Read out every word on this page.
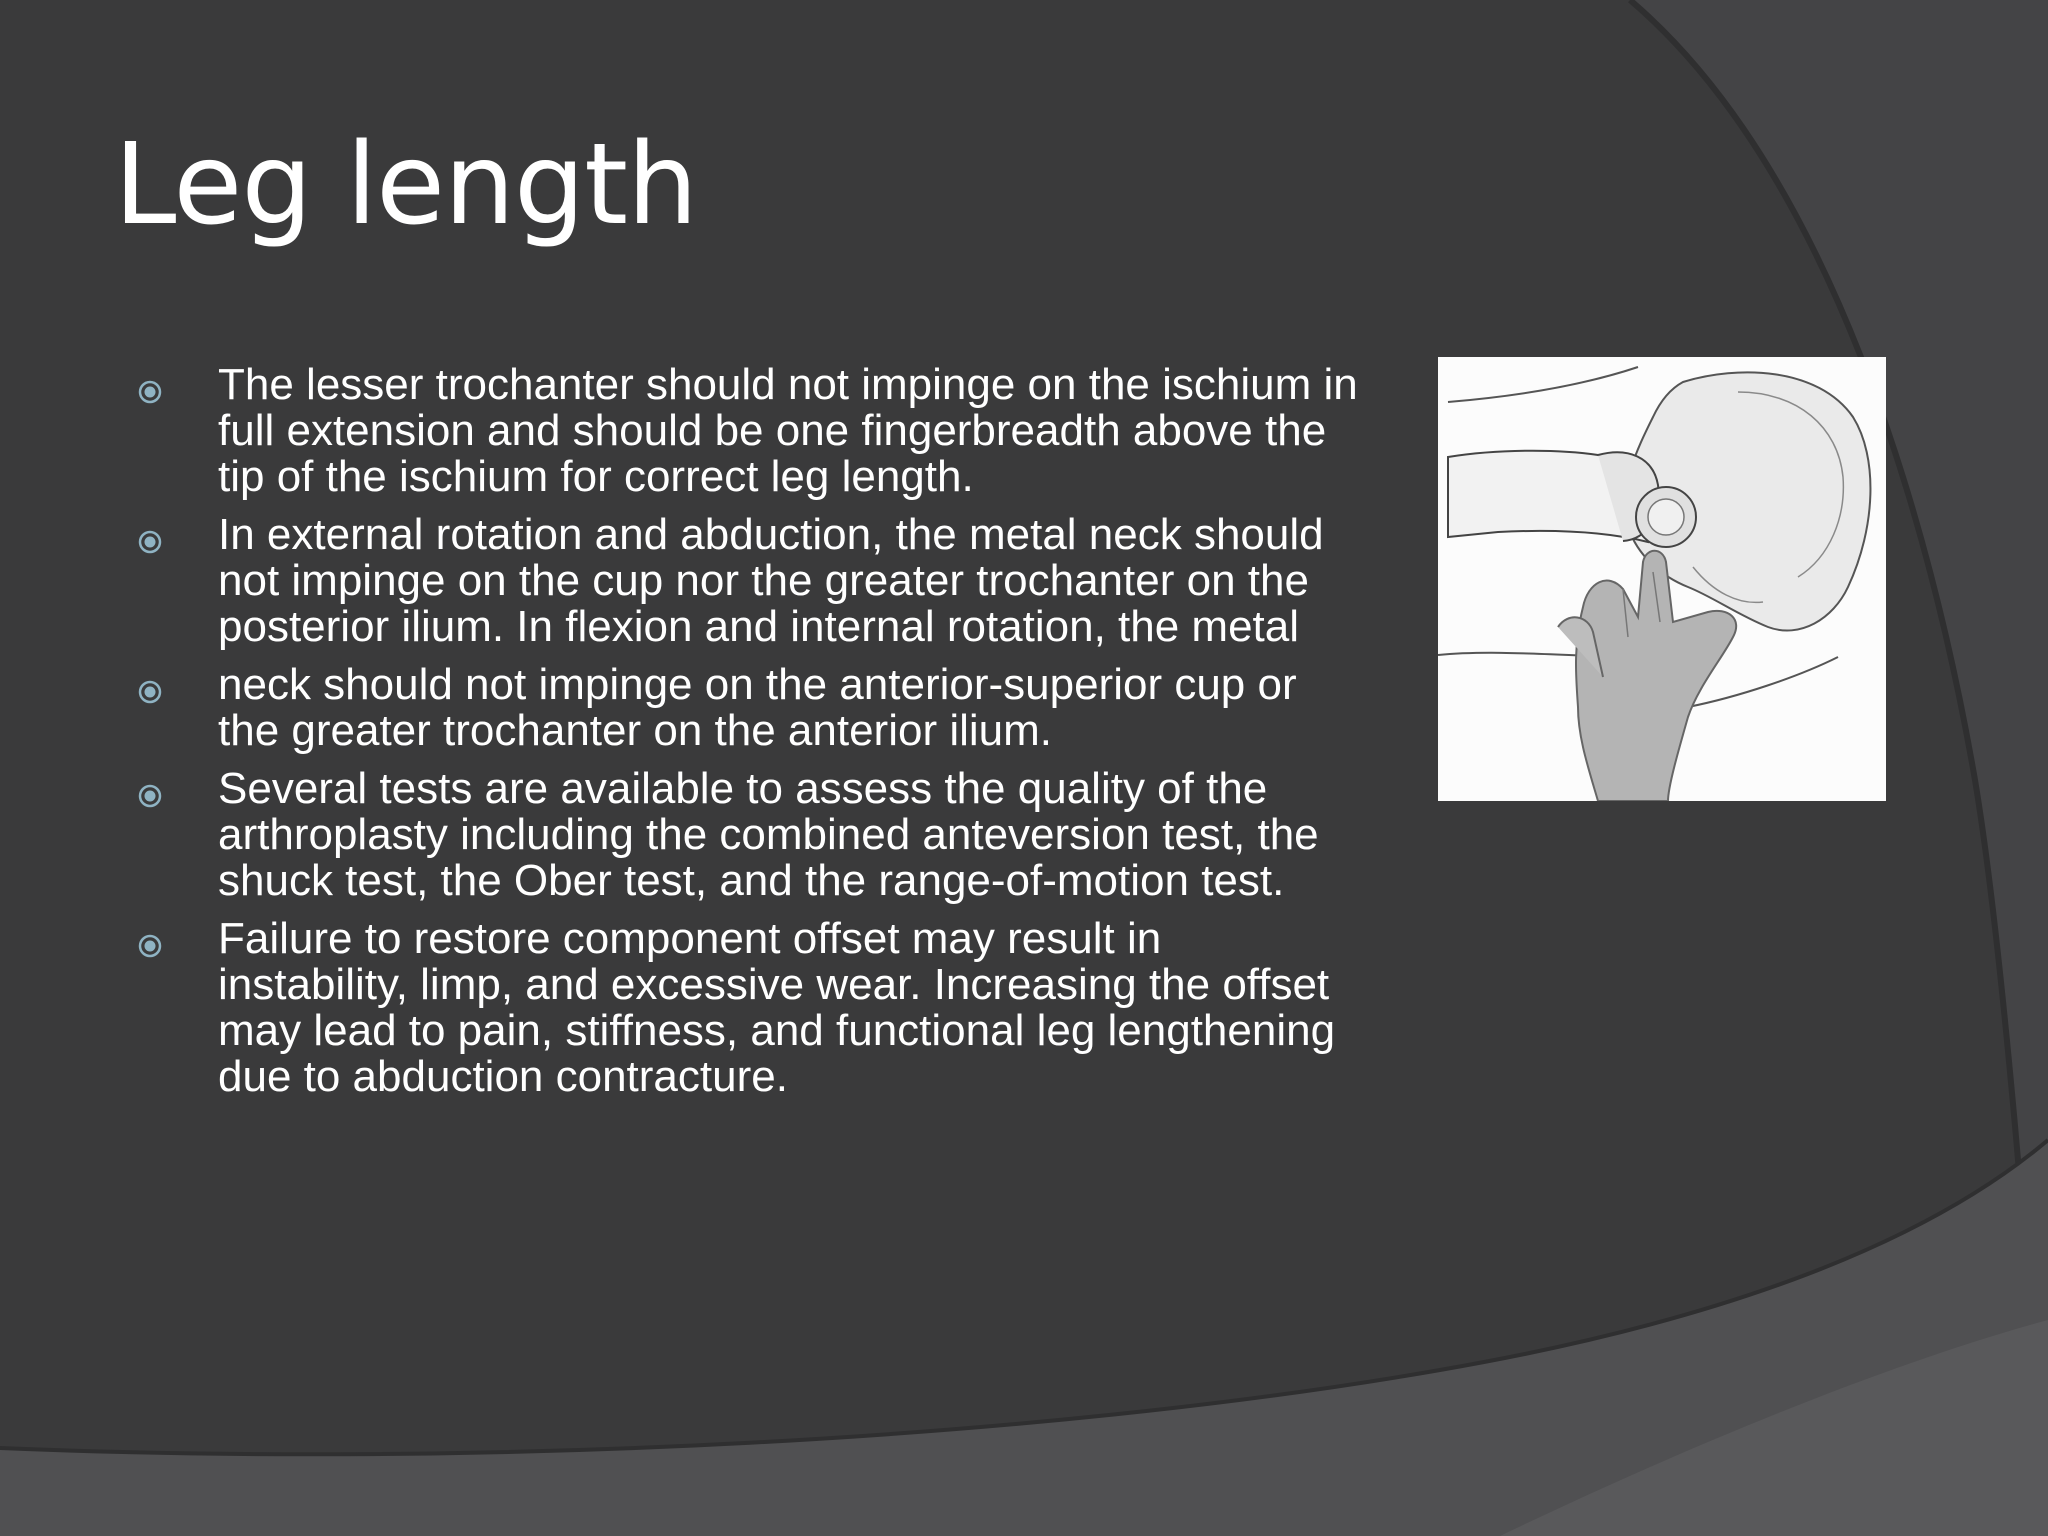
Leg length
The lesser trochanter should not impinge on the ischium in full extension and should be one fingerbreadth above the tip of the ischium for correct leg length.
In external rotation and abduction, the metal neck should not impinge on the cup nor the greater trochanter on the posterior ilium. In flexion and internal rotation, the metal
neck should not impinge on the anterior-superior cup or the greater trochanter on the anterior ilium.
Several tests are available to assess the quality of the arthroplasty including the combined anteversion test, the shuck test, the Ober test, and the range-of-motion test.
Failure to restore component offset may result in instability, limp, and excessive wear. Increasing the offset may lead to pain, stiffness, and functional leg lengthening due to abduction contracture.
